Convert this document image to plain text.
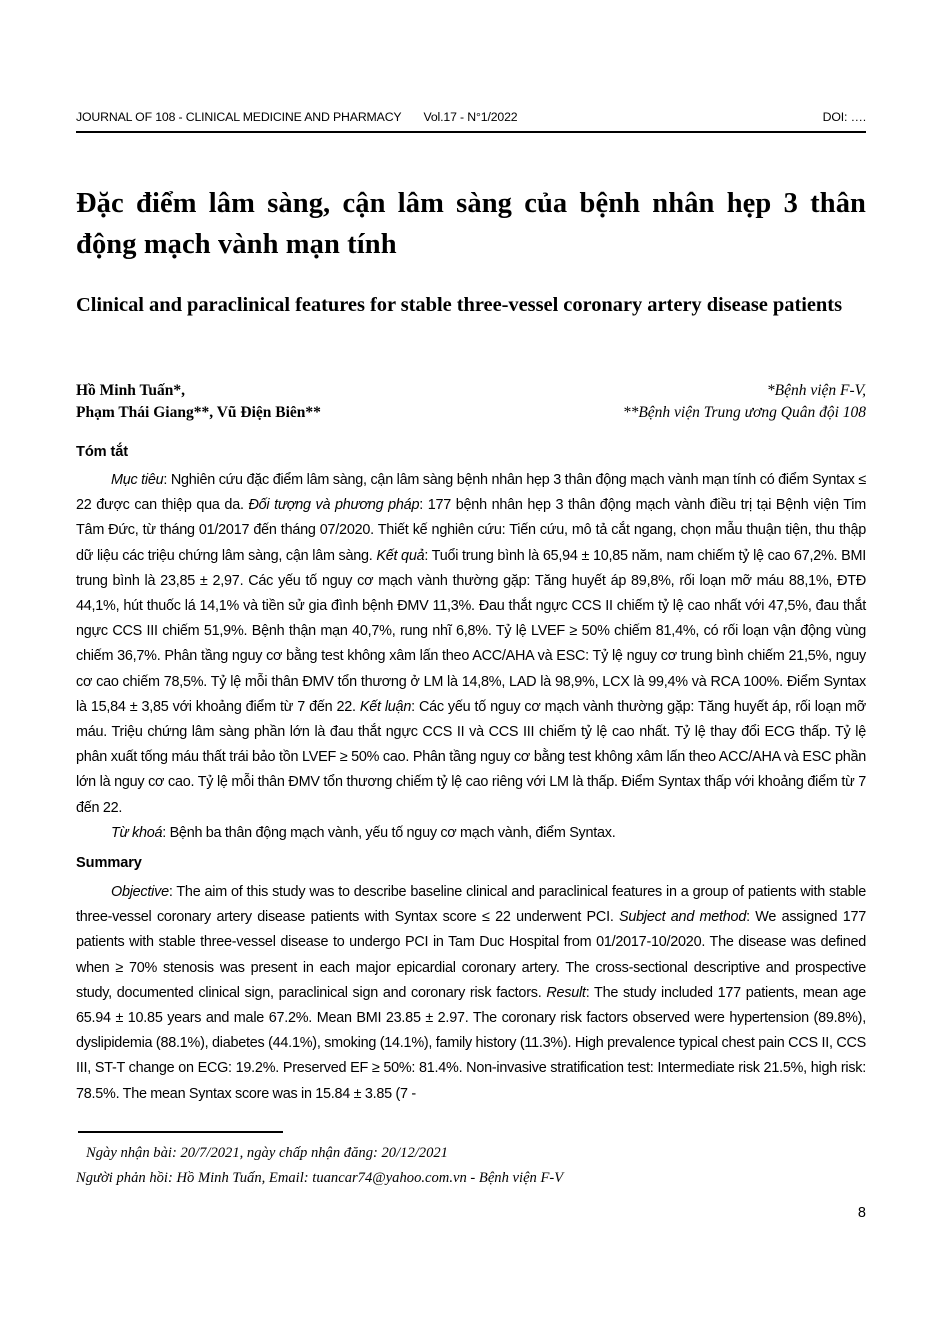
JOURNAL OF 108 - CLINICAL MEDICINE AND PHARMACY Vol.17 - N°1/2022	DOI: ….
Đặc điểm lâm sàng, cận lâm sàng của bệnh nhân hẹp 3 thân động mạch vành mạn tính
Clinical and paraclinical features for stable three-vessel coronary artery disease patients
Hồ Minh Tuấn*,
Phạm Thái Giang**, Vũ Điện Biên**
*Bệnh viện F-V,
**Bệnh viện Trung ương Quân đội 108
Tóm tắt

Mục tiêu: Nghiên cứu đặc điểm lâm sàng, cận lâm sàng bệnh nhân hẹp 3 thân động mạch vành mạn tính có điểm Syntax ≤ 22 được can thiệp qua da. Đối tượng và phương pháp: 177 bệnh nhân hẹp 3 thân động mạch vành điều trị tại Bệnh viện Tim Tâm Đức, từ tháng 01/2017 đến tháng 07/2020. Thiết kế nghiên cứu: Tiến cứu, mô tả cắt ngang, chọn mẫu thuận tiện, thu thập dữ liệu các triệu chứng lâm sàng, cận lâm sàng. Kết quả: Tuổi trung bình là 65,94 ± 10,85 năm, nam chiếm tỷ lệ cao 67,2%. BMI trung bình là 23,85 ± 2,97. Các yếu tố nguy cơ mạch vành thường gặp: Tăng huyết áp 89,8%, rối loạn mỡ máu 88,1%, ĐTĐ 44,1%, hút thuốc lá 14,1% và tiền sử gia đình bệnh ĐMV 11,3%. Đau thắt ngực CCS II chiếm tỷ lệ cao nhất với 47,5%, đau thắt ngực CCS III chiếm 51,9%. Bệnh thận mạn 40,7%, rung nhĩ 6,8%. Tỷ lệ LVEF ≥ 50% chiếm 81,4%, có rối loạn vận động vùng chiếm 36,7%. Phân tầng nguy cơ bằng test không xâm lấn theo ACC/AHA và ESC: Tỷ lệ nguy cơ trung bình chiếm 21,5%, nguy cơ cao chiếm 78,5%. Tỷ lệ mỗi thân ĐMV tổn thương ở LM là 14,8%, LAD là 98,9%, LCX là 99,4% và RCA 100%. Điểm Syntax là 15,84 ± 3,85 với khoảng điểm từ 7 đến 22. Kết luận: Các yếu tố nguy cơ mạch vành thường gặp: Tăng huyết áp, rối loạn mỡ máu. Triệu chứng lâm sàng phần lớn là đau thắt ngực CCS II và CCS III chiếm tỷ lệ cao nhất. Tỷ lệ thay đổi ECG thấp. Tỷ lệ phân xuất tống máu thất trái bảo tồn LVEF ≥ 50% cao. Phân tầng nguy cơ bằng test không xâm lấn theo ACC/AHA và ESC phần lớn là nguy cơ cao. Tỷ lệ mỗi thân ĐMV tổn thương chiếm tỷ lệ cao riêng với LM là thấp. Điểm Syntax thấp với khoảng điểm từ 7 đến 22.

Từ khoá: Bệnh ba thân động mạch vành, yếu tố nguy cơ mạch vành, điểm Syntax.

Summary

Objective: The aim of this study was to describe baseline clinical and paraclinical features in a group of patients with stable three-vessel coronary artery disease patients with Syntax score ≤ 22 underwent PCI. Subject and method: We assigned 177 patients with stable three-vessel disease to undergo PCI in Tam Duc Hospital from 01/2017-10/2020. The disease was defined when ≥ 70% stenosis was present in each major epicardial coronary artery. The cross-sectional descriptive and prospective study, documented clinical sign, paraclinical sign and coronary risk factors. Result: The study included 177 patients, mean age 65.94 ± 10.85 years and male 67.2%. Mean BMI 23.85 ± 2.97. The coronary risk factors observed were hypertension (89.8%), dyslipidemia (88.1%), diabetes (44.1%), smoking (14.1%), family history (11.3%). High prevalence typical chest pain CCS II, CCS III, ST-T change on ECG: 19.2%. Preserved EF ≥ 50%: 81.4%. Non-invasive stratification test: Intermediate risk 21.5%, high risk: 78.5%. The mean Syntax score was in 15.84 ± 3.85 (7 -

Ngày nhận bài: 20/7/2021, ngày chấp nhận đăng: 20/12/2021
Người phản hồi: Hồ Minh Tuấn, Email: tuancar74@yahoo.com.vn - Bệnh viện F-V
8
